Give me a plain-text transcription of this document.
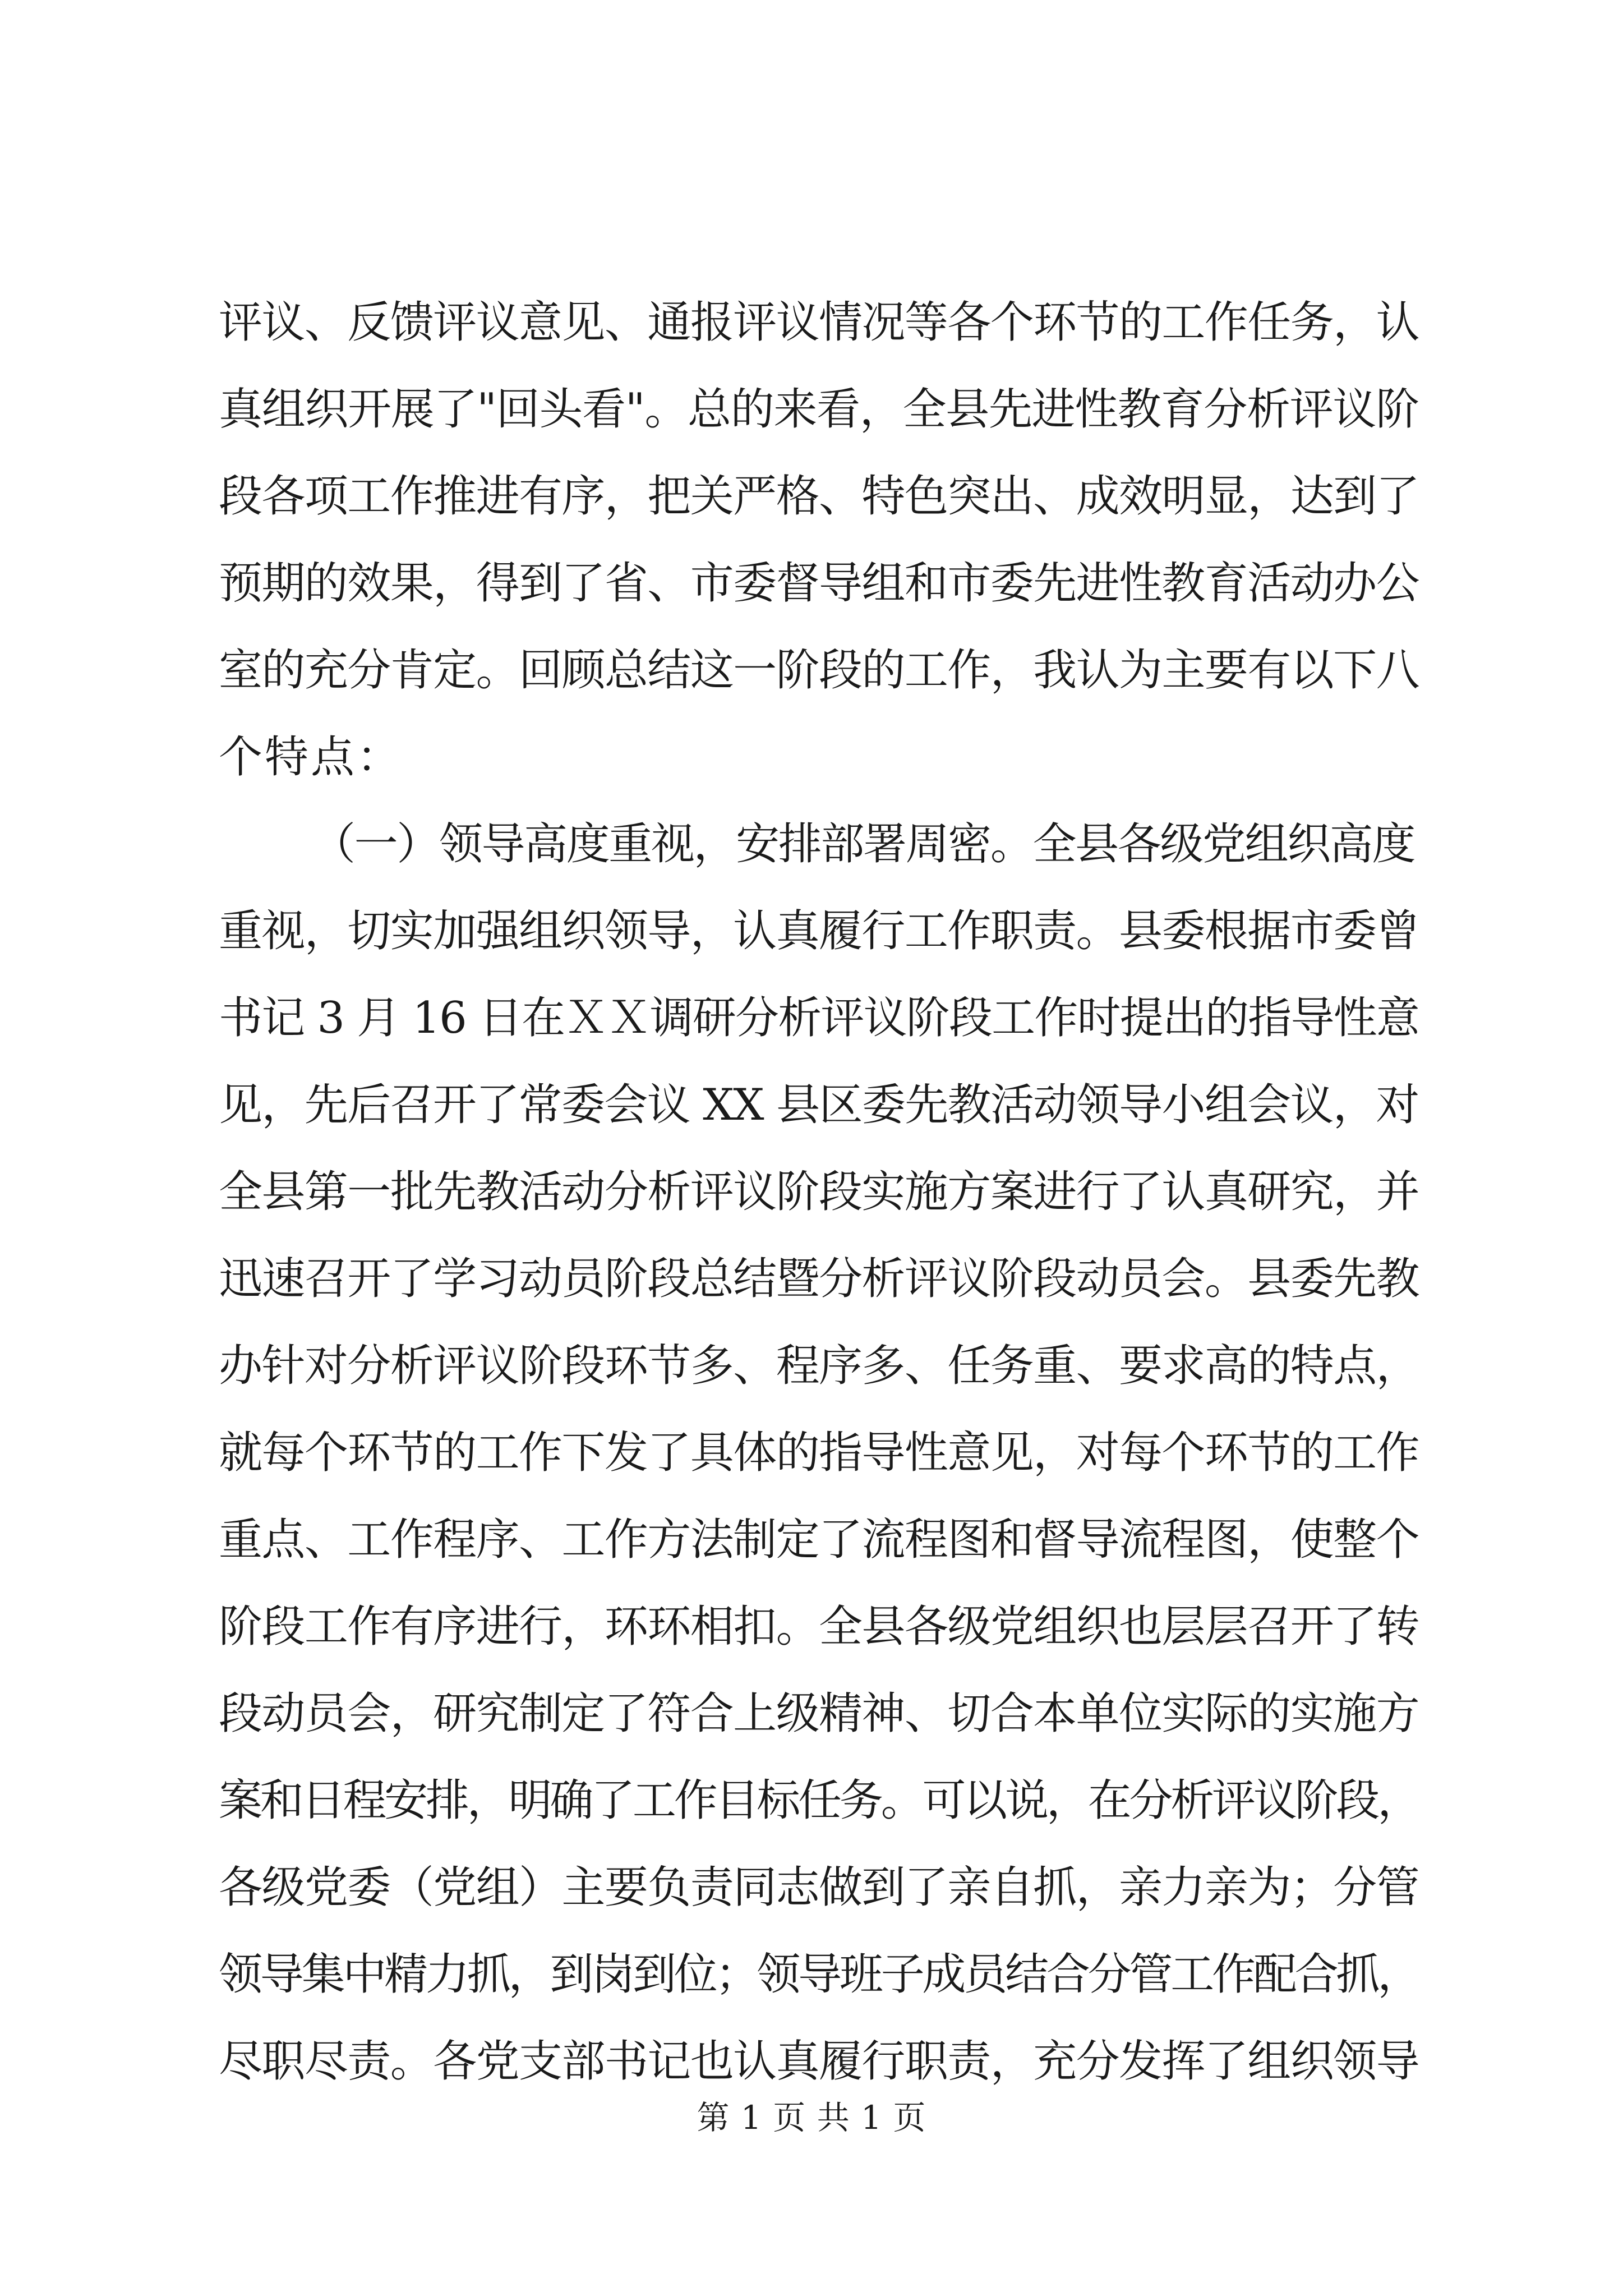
评议、反馈评议意见、通报评议情况等各个环节的工作任务，认
真组织开展了"回头看"。总的来看，全县先进性教育分析评议阶
段各项工作推进有序，把关严格、特色突出、成效明显，达到了
预期的效果，得到了省、市委督导组和市委先进性教育活动办公
室的充分肯定。回顾总结这一阶段的工作，我认为主要有以下八
个特点：
（一）领导高度重视，安排部署周密。全县各级党组织高度
重视，切实加强组织领导，认真履行工作职责。县委根据市委曾
书记 3 月 16 日在ＸＸ调研分析评议阶段工作时提出的指导性意
见，先后召开了常委会议 XX 县区委先教活动领导小组会议，对
全县第一批先教活动分析评议阶段实施方案进行了认真研究，并
迅速召开了学习动员阶段总结暨分析评议阶段动员会。县委先教
办针对分析评议阶段环节多、程序多、任务重、要求高的特点，
就每个环节的工作下发了具体的指导性意见，对每个环节的工作
重点、工作程序、工作方法制定了流程图和督导流程图，使整个
阶段工作有序进行，环环相扣。全县各级党组织也层层召开了转
段动员会，研究制定了符合上级精神、切合本单位实际的实施方
案和日程安排，明确了工作目标任务。可以说，在分析评议阶段，
各级党委（党组）主要负责同志做到了亲自抓，亲力亲为；分管
领导集中精力抓，到岗到位；领导班子成员结合分管工作配合抓，
尽职尽责。各党支部书记也认真履行职责，充分发挥了组织领导
第 1 页 共 1 页
